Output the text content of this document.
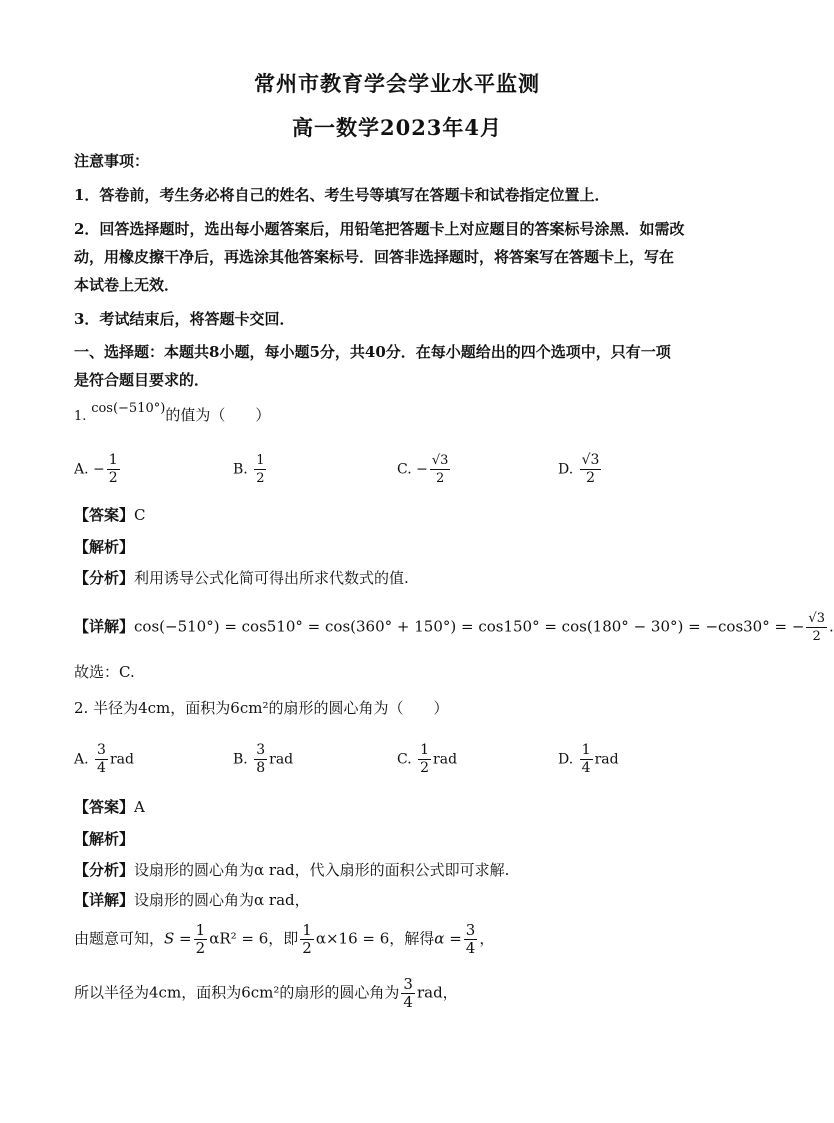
常州市教育学会学业水平监测
高一数学2023年4月
注意事项：
1．答卷前，考生务必将自己的姓名、考生号等填写在答题卡和试卷指定位置上．
2．回答选择题时，选出每小题答案后，用铅笔把答题卡上对应题目的答案标号涂黑．如需改
动，用橡皮擦干净后，再选涂其他答案标号．回答非选择题时，将答案写在答题卡上，写在
本试卷上无效．
3．考试结束后，将答题卡交回．
一、选择题：本题共8小题，每小题5分，共40分．在每小题给出的四个选项中，只有一项
是符合题目要求的．
1. cos(−510°)的值为（　　）
A. − $\frac{1}{2}$	B. $\frac{1}{2}$	C. − $\frac{√3}{2}$	D. $\frac{√3}{2}$
【答案】C
【解析】
【分析】利用诱导公式化简可得出所求代数式的值.
【详解】cos(−510°) = cos510° = cos(360° + 150°) = cos150° = cos(180° − 30°) = −cos30° = − $\frac{√3}{2}$ .
故选：C.
2. 半径为4cm，面积为6cm²的扇形的圆心角为（　　）
A. $\frac{3}{4}$ rad	B. $\frac{3}{8}$ rad	C. $\frac{1}{2}$ rad	D. $\frac{1}{4}$ rad
【答案】A
【解析】
【分析】设扇形的圆心角为α rad，代入扇形的面积公式即可求解.
【详解】设扇形的圆心角为α rad，
由题意可知，$S = \frac{1}{2} \alpha R^2 = 6$，即 $\frac{1}{2} \alpha\times 16 = 6$，解得$\alpha = \frac{3}{4}$ ，
所以半径为4cm，面积为6cm²的扇形的圆心角为 $\frac{3}{4}$ rad，
